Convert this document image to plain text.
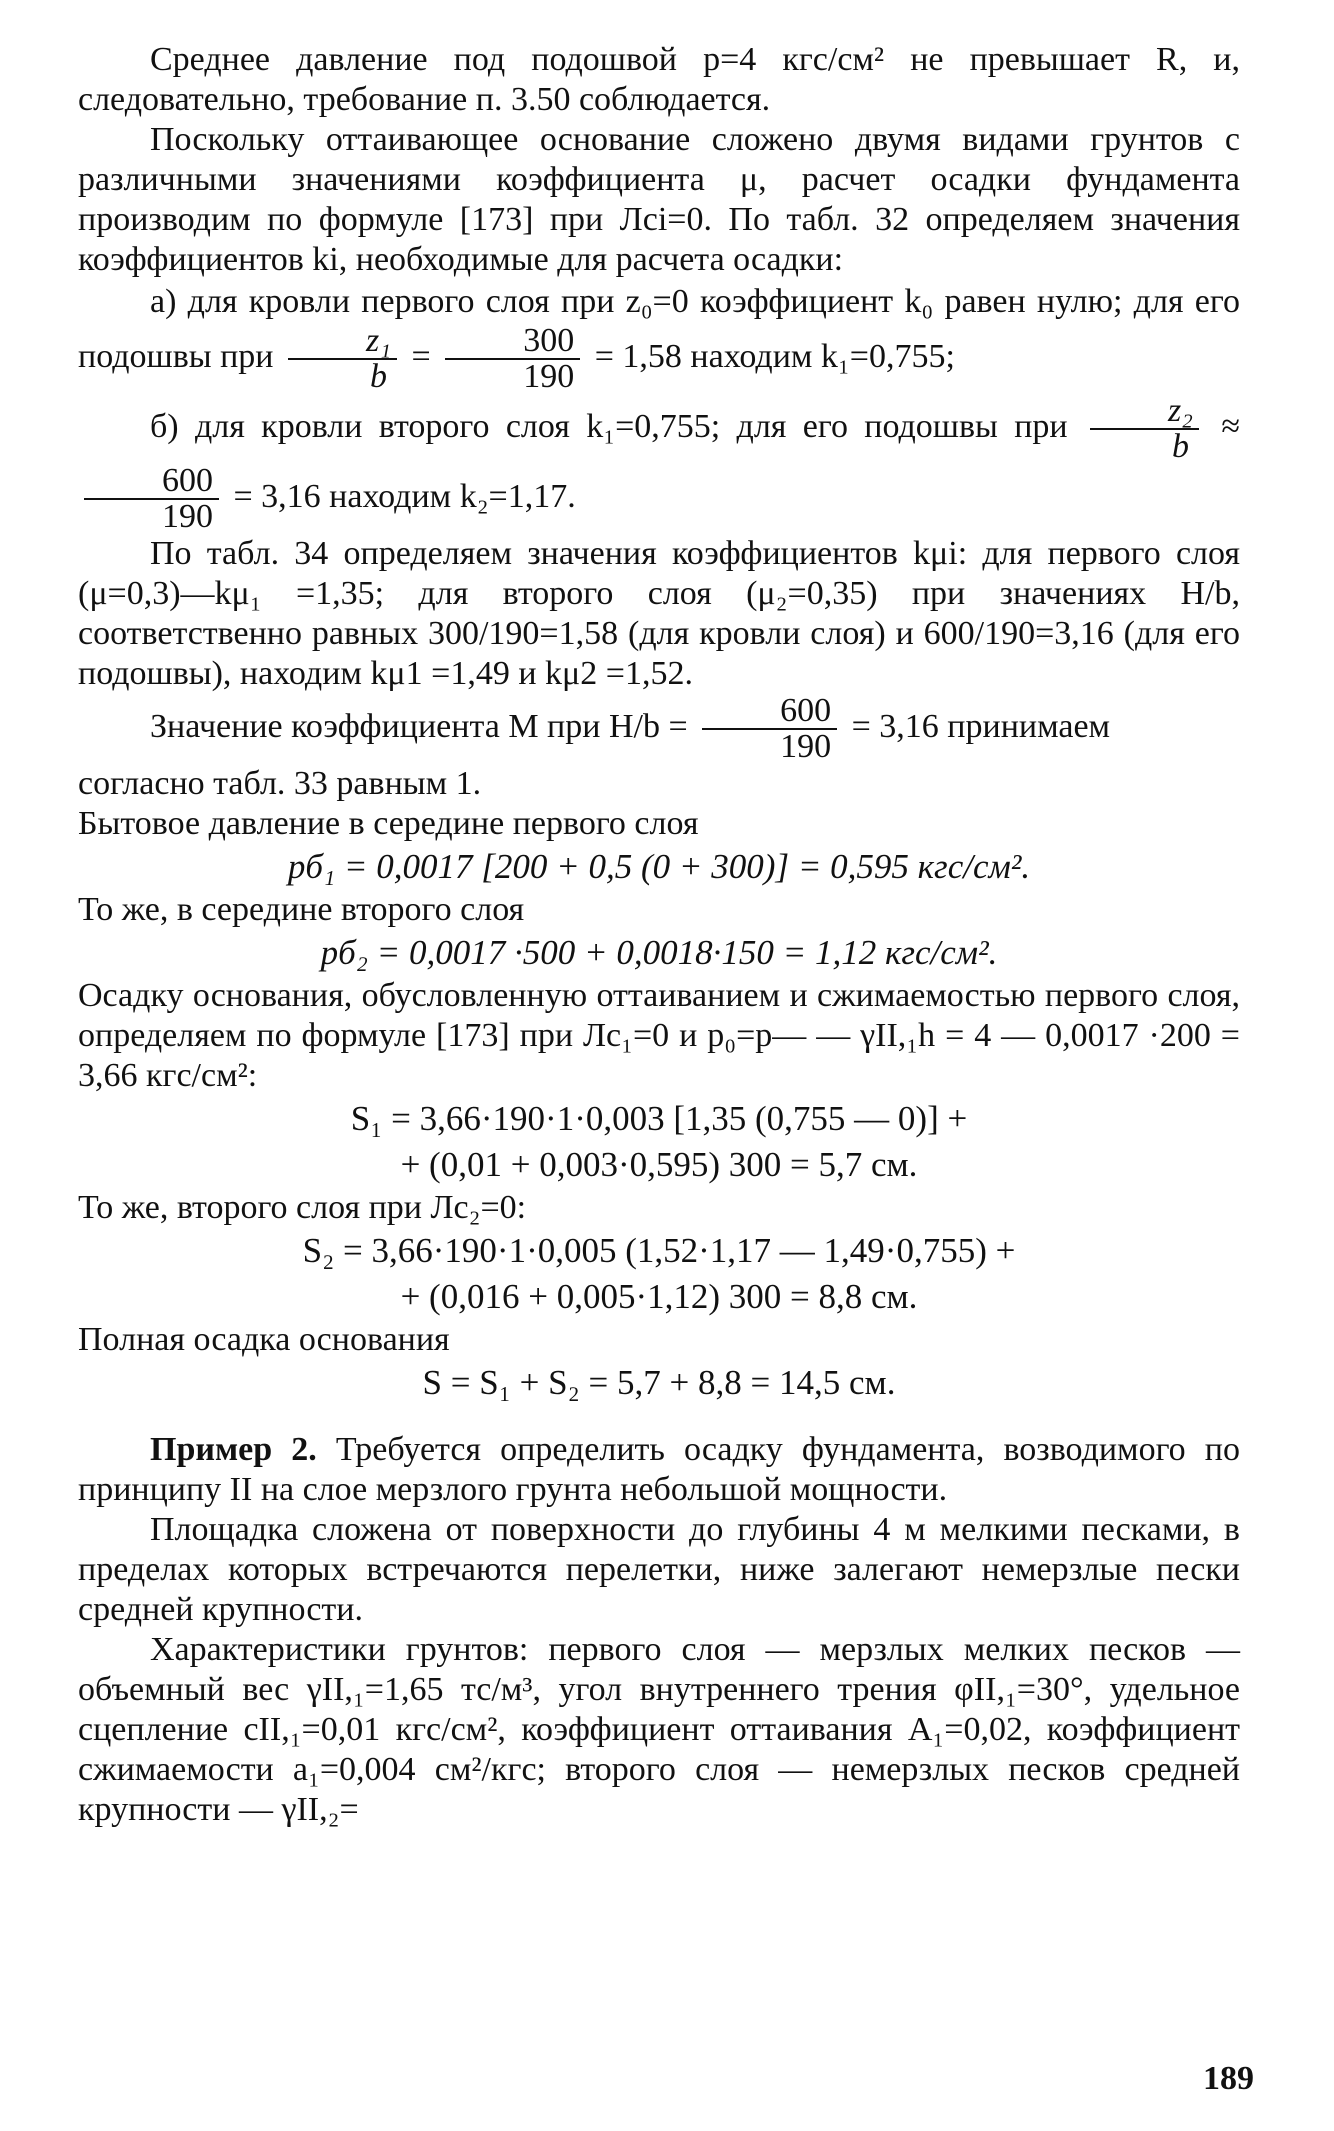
Среднее давление под подошвой p=4 кгс/см² не превышает R, и, следовательно, требование п. 3.50 соблюдается.

Поскольку оттаивающее основание сложено двумя видами грунтов с различными значениями коэффициента μ, расчет осадки фундамента производим по формуле [173] при Лсi=0. По табл. 32 определяем значения коэффициентов ki, необходимые для расчета осадки:

а) для кровли первого слоя при z₀=0 коэффициент k₀ равен нулю; для его подошвы при $\frac{\text{z₁}}{b} = \frac{300}{190} = 1,58$ находим k₁=0,755;

б) для кровли второго слоя k₁=0,755; для его подошвы при $\frac{\text{z₂}}{b}$ ≈
$\frac{600}{190} = 3,16$ находим k₂=1,17.

По табл. 34 определяем значения коэффициентов kμi: для первого слоя (μ=0,3)—kμ₁ =1,35; для второго слоя (μ₂=0,35) при значениях H/b, соответственно равных 300/190=1,58 (для кровли слоя) и 600/190=3,16 (для его подошвы), находим kμ1 =1,49 и kμ2 =1,52.

Значение коэффициента M при $H/b = \frac{600}{190} = 3,16$ принимаем

согласно табл. 33 равным 1.

Бытовое давление в середине первого слоя

pб₁ = 0,0017 [200 + 0,5 (0 + 300)] = 0,595 кгс/см².

То же, в середине второго слоя

pб₂ = 0,0017 ·500 + 0,0018·150 = 1,12 кгс/см².

Осадку основания, обусловленную оттаиванием и сжимаемостью первого слоя, определяем по формуле [173] при Лс₁=0 и p₀=p— — γII,₁h = 4 — 0,0017 ·200 = 3,66 кгс/см²:

S₁ = 3,66·190·1·0,003 [1,35 (0,755 — 0)] +

+ (0,01 + 0,003·0,595) 300 = 5,7 см.

То же, второго слоя при Лс₂=0:

S₂ = 3,66·190·1·0,005 (1,52·1,17 — 1,49·0,755) +

+ (0,016 + 0,005·1,12) 300 = 8,8 см.

Полная осадка основания

S = S₁ + S₂ = 5,7 + 8,8 = 14,5 см.

Пример 2. Требуется определить осадку фундамента, возводимого по принципу II на слое мерзлого грунта небольшой мощности.

Площадка сложена от поверхности до глубины 4 м мелкими песками, в пределах которых встречаются перелетки, ниже залегают немерзлые пески средней крупности.

Характеристики грунтов: первого слоя — мерзлых мелких песков — объемный вес γII,₁=1,65 тс/м³, угол внутреннего трения φII,₁=30°, удельное сцепление cII,₁=0,01 кгс/см², коэффициент оттаивания A₁=0,02, коэффициент сжимаемости a₁=0,004 см²/кгс; второго слоя — немерзлых песков средней крупности — γII,₂=

189
